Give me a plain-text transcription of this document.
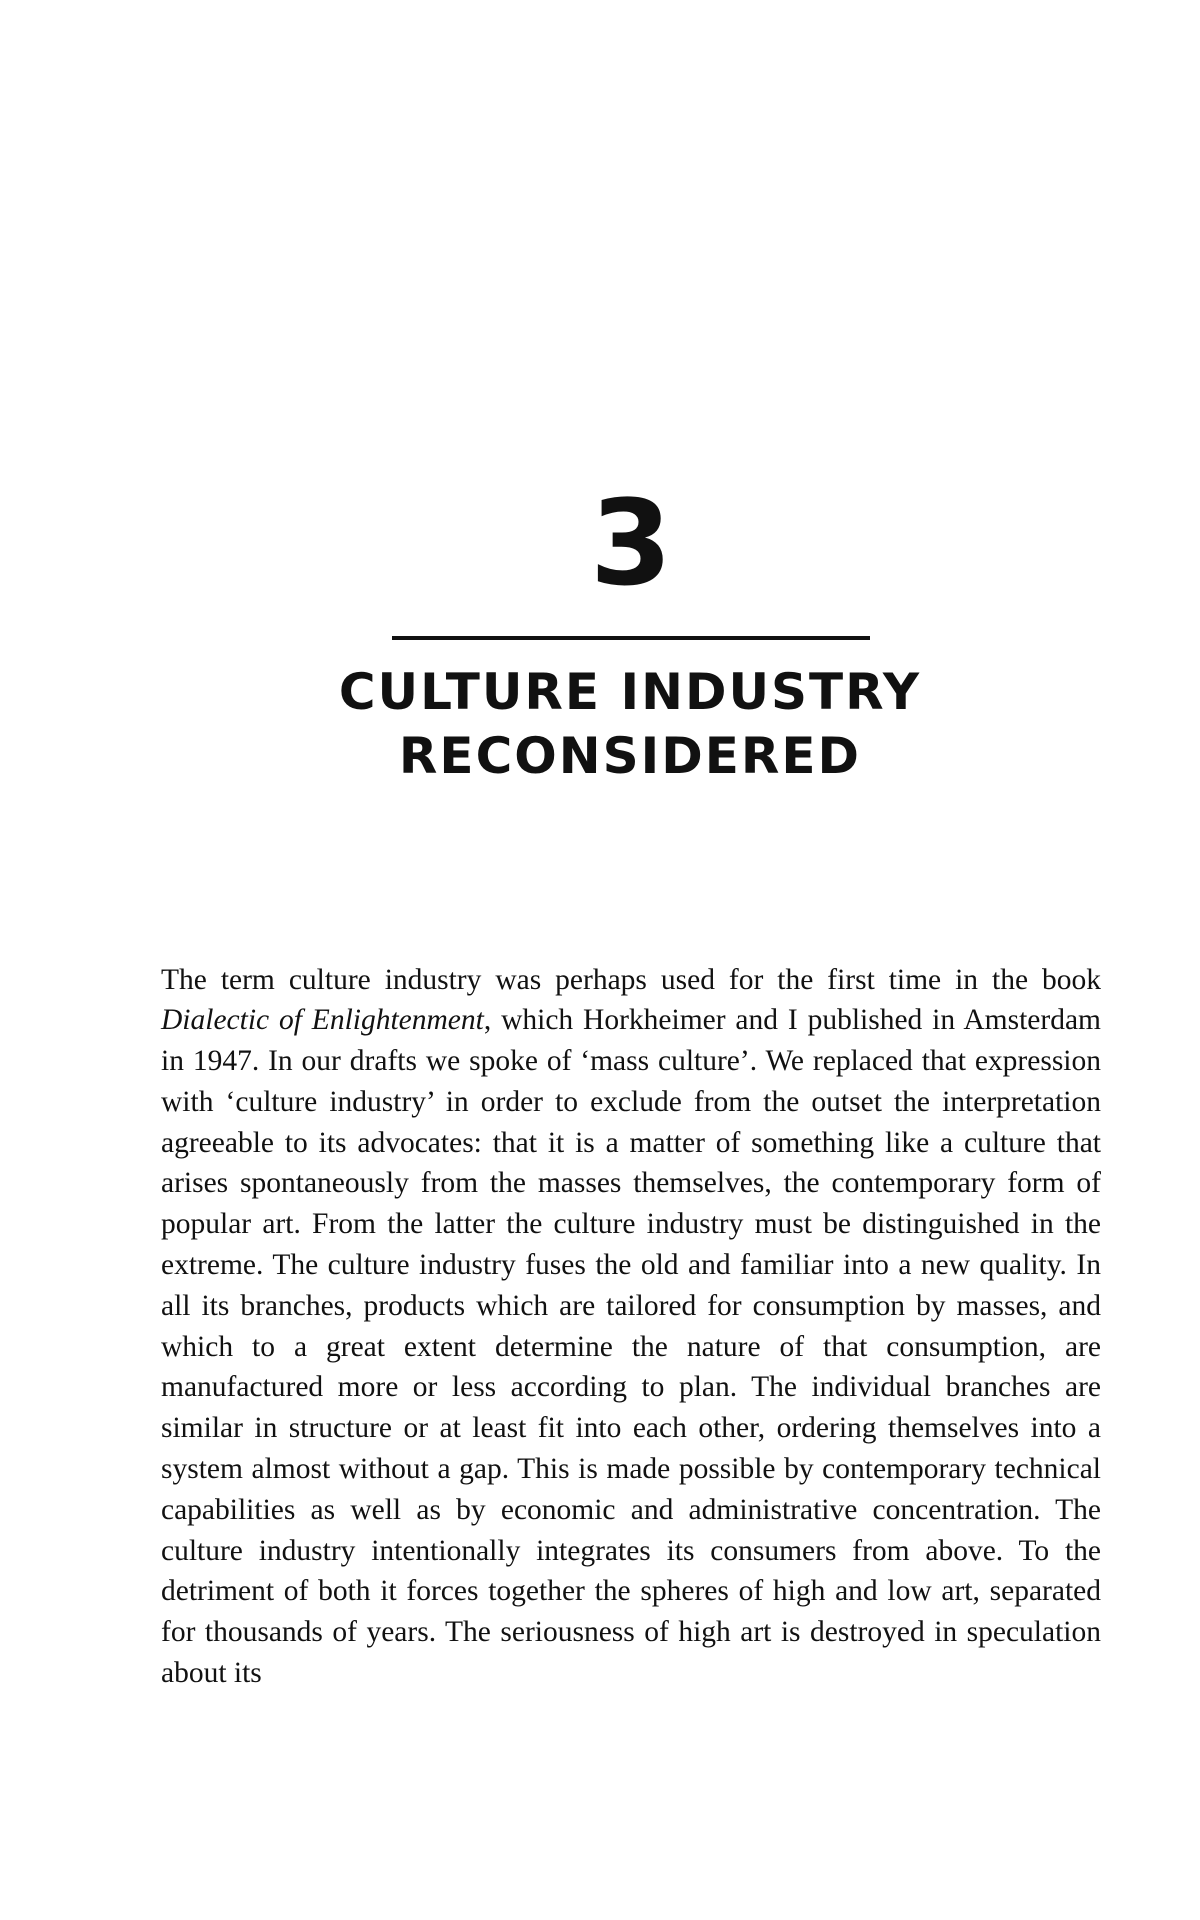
3
CULTURE INDUSTRY
RECONSIDERED

The term culture industry was perhaps used for the first time in the book Dialectic of Enlightenment, which Horkheimer and I published in Amsterdam in 1947. In our drafts we spoke of ‘mass culture’. We replaced that expression with ‘culture industry’ in order to exclude from the outset the interpretation agreeable to its advocates: that it is a matter of something like a culture that arises spontaneously from the masses themselves, the contemporary form of popular art. From the latter the culture industry must be distinguished in the extreme. The culture industry fuses the old and familiar into a new quality. In all its branches, products which are tailored for consumption by masses, and which to a great extent determine the nature of that consumption, are manufactured more or less according to plan. The individual branches are similar in structure or at least fit into each other, ordering themselves into a system almost without a gap. This is made possible by contemporary technical capabilities as well as by economic and administrative concentration. The culture industry intentionally integrates its consumers from above. To the detriment of both it forces together the spheres of high and low art, separated for thousands of years. The seriousness of high art is destroyed in speculation about its
